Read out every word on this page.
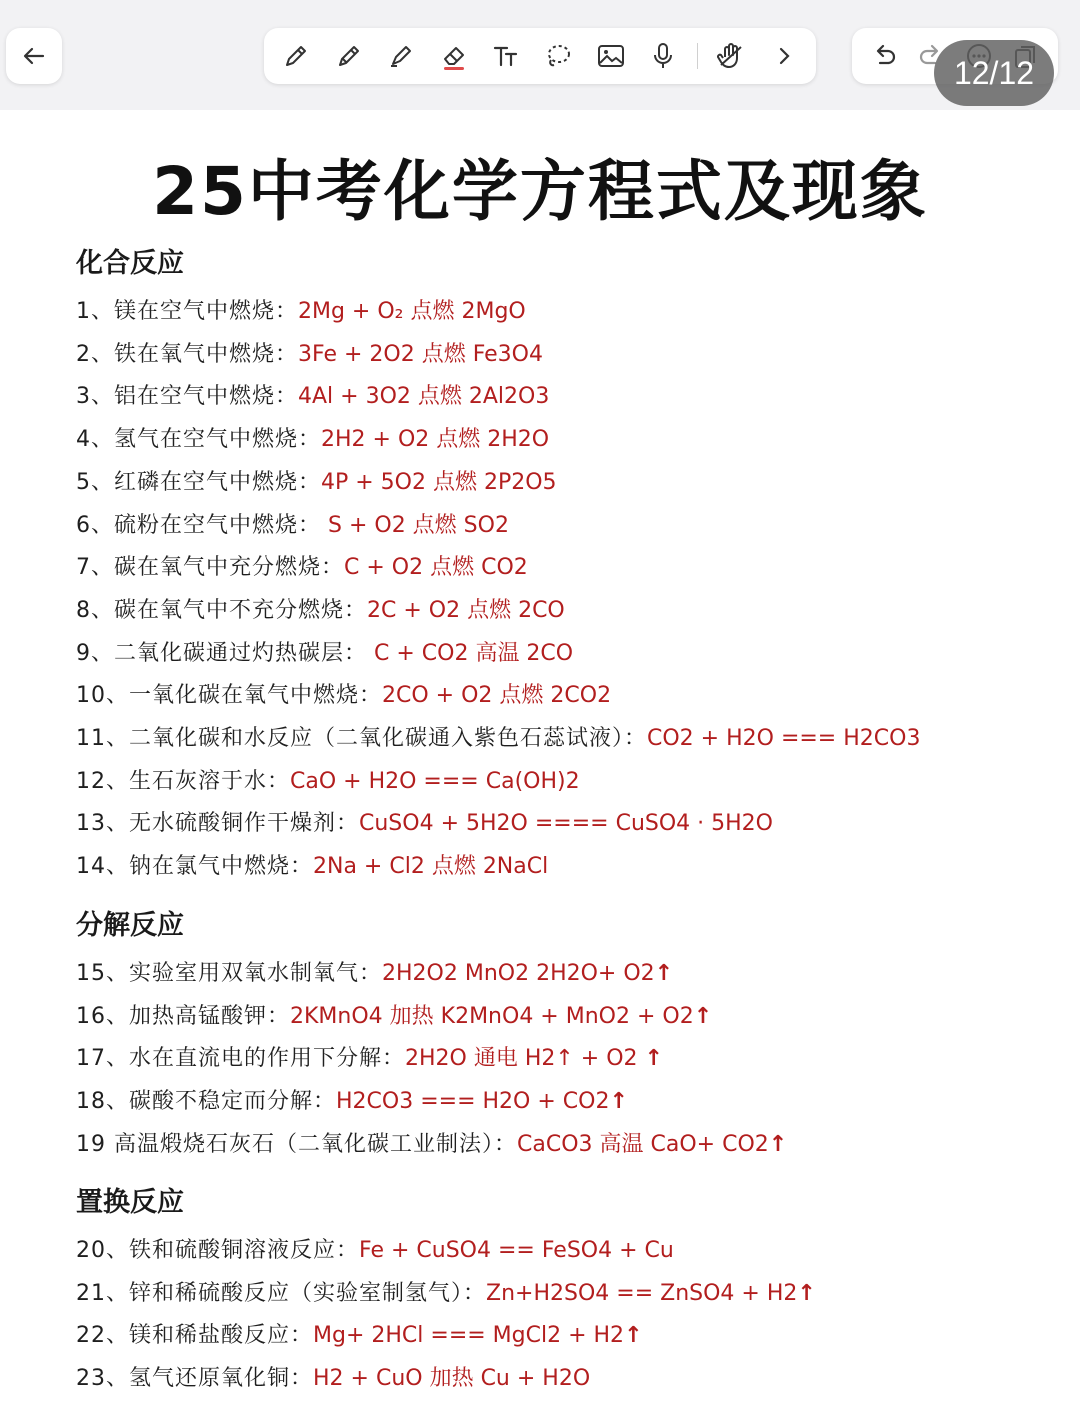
12/12
25中考化学方程式及现象
化合反应
1、镁在空气中燃烧：2Mg + O₂ 点燃 2MgO
2、铁在氧气中燃烧：3Fe + 2O2 点燃 Fe3O4
3、铝在空气中燃烧：4Al + 3O2 点燃 2Al2O3
4、氢气在空气中燃烧：2H2 + O2 点燃 2H2O
5、红磷在空气中燃烧：4P + 5O2 点燃 2P2O5
6、硫粉在空气中燃烧： S + O2 点燃 SO2
7、碳在氧气中充分燃烧：C + O2 点燃 CO2
8、碳在氧气中不充分燃烧：2C + O2 点燃 2CO
9、二氧化碳通过灼热碳层： C + CO2 高温 2CO
10、一氧化碳在氧气中燃烧：2CO + O2 点燃 2CO2
11、二氧化碳和水反应（二氧化碳通入紫色石蕊试液）：CO2 + H2O === H2CO3
12、生石灰溶于水：CaO + H2O === Ca(OH)2
13、无水硫酸铜作干燥剂：CuSO4 + 5H2O ==== CuSO4 · 5H2O
14、钠在氯气中燃烧：2Na + Cl2 点燃 2NaCl
分解反应
15、实验室用双氧水制氧气：2H2O2 MnO2 2H2O+ O2↑
16、加热高锰酸钾：2KMnO4 加热 K2MnO4 + MnO2 + O2↑
17、水在直流电的作用下分解：2H2O 通电 H2↑ + O2 ↑
18、碳酸不稳定而分解：H2CO3 === H2O + CO2↑
19 高温煅烧石灰石（二氧化碳工业制法）：CaCO3 高温 CaO+ CO2↑
置换反应
20、铁和硫酸铜溶液反应：Fe + CuSO4 == FeSO4 + Cu
21、锌和稀硫酸反应（实验室制氢气）：Zn+H2SO4 == ZnSO4 + H2↑
22、镁和稀盐酸反应：Mg+ 2HCl === MgCl2 + H2↑
23、氢气还原氧化铜：H2 + CuO 加热 Cu + H2O
